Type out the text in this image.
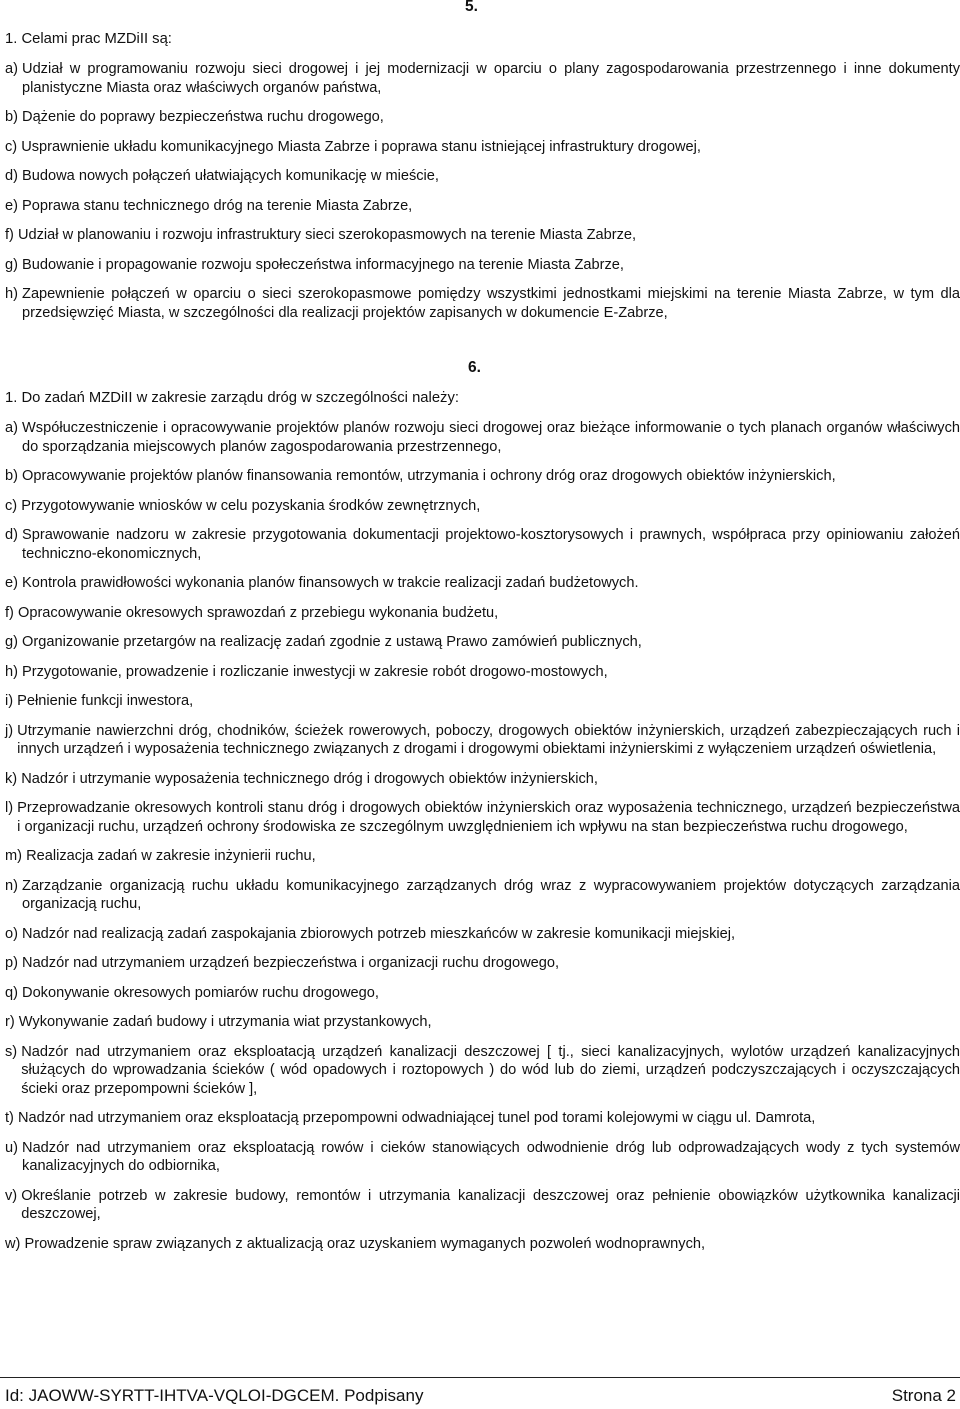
5.
1. Celami prac MZDiII są:
a) Udział w programowaniu rozwoju sieci drogowej i jej modernizacji w oparciu o plany zagospodarowania przestrzennego i inne dokumenty planistyczne Miasta oraz właściwych organów państwa,
b) Dążenie do poprawy bezpieczeństwa ruchu drogowego,
c) Usprawnienie układu komunikacyjnego Miasta Zabrze i poprawa stanu istniejącej infrastruktury drogowej,
d) Budowa nowych połączeń ułatwiających komunikację w mieście,
e) Poprawa stanu technicznego dróg na terenie Miasta Zabrze,
f) Udział w planowaniu i rozwoju infrastruktury sieci szerokopasmowych na terenie Miasta Zabrze,
g) Budowanie i propagowanie rozwoju społeczeństwa informacyjnego na terenie Miasta Zabrze,
h) Zapewnienie połączeń w oparciu o sieci szerokopasmowe pomiędzy wszystkimi jednostkami miejskimi na terenie Miasta Zabrze, w tym dla przedsięwzięć Miasta, w szczególności dla realizacji projektów zapisanych w dokumencie E-Zabrze,
6.
1. Do zadań MZDiII w zakresie zarządu dróg w szczególności należy:
a) Współuczestniczenie i opracowywanie projektów planów rozwoju sieci drogowej oraz bieżące informowanie o tych planach organów właściwych do sporządzania miejscowych planów zagospodarowania przestrzennego,
b) Opracowywanie projektów planów finansowania remontów, utrzymania i ochrony dróg oraz drogowych obiektów inżynierskich,
c) Przygotowywanie wniosków w celu pozyskania środków zewnętrznych,
d) Sprawowanie nadzoru w zakresie przygotowania dokumentacji projektowo-kosztorysowych i prawnych, współpraca przy opiniowaniu założeń techniczno-ekonomicznych,
e) Kontrola prawidłowości wykonania planów finansowych w trakcie realizacji zadań budżetowych.
f) Opracowywanie okresowych sprawozdań z przebiegu wykonania budżetu,
g) Organizowanie przetargów na realizację zadań zgodnie z ustawą Prawo zamówień publicznych,
h) Przygotowanie, prowadzenie i rozliczanie inwestycji w zakresie robót drogowo-mostowych,
i) Pełnienie funkcji inwestora,
j) Utrzymanie nawierzchni dróg, chodników, ścieżek rowerowych, poboczy, drogowych obiektów inżynierskich, urządzeń zabezpieczających ruch i innych urządzeń i wyposażenia technicznego związanych z drogami i drogowymi obiektami inżynierskimi z wyłączeniem urządzeń oświetlenia,
k) Nadzór i utrzymanie wyposażenia technicznego dróg i drogowych obiektów inżynierskich,
l) Przeprowadzanie okresowych kontroli stanu dróg i drogowych obiektów inżynierskich oraz wyposażenia technicznego, urządzeń bezpieczeństwa i organizacji ruchu, urządzeń ochrony środowiska ze szczególnym uwzględnieniem ich wpływu na stan bezpieczeństwa ruchu drogowego,
m) Realizacja zadań w zakresie inżynierii ruchu,
n) Zarządzanie organizacją ruchu układu komunikacyjnego zarządzanych dróg wraz z wypracowywaniem projektów dotyczących zarządzania organizacją ruchu,
o) Nadzór nad realizacją zadań zaspokajania zbiorowych potrzeb mieszkańców w zakresie komunikacji miejskiej,
p) Nadzór nad utrzymaniem urządzeń bezpieczeństwa i organizacji ruchu drogowego,
q) Dokonywanie okresowych pomiarów ruchu drogowego,
r) Wykonywanie zadań budowy i utrzymania wiat przystankowych,
s) Nadzór nad utrzymaniem oraz eksploatacją urządzeń kanalizacji deszczowej [ tj., sieci kanalizacyjnych, wylotów urządzeń kanalizacyjnych służących do wprowadzania ścieków ( wód opadowych i roztopowych ) do wód lub do ziemi, urządzeń podczyszczających i oczyszczających ścieki oraz przepompowni ścieków ],
t) Nadzór nad utrzymaniem oraz eksploatacją przepompowni odwadniającej tunel pod torami kolejowymi w ciągu ul. Damrota,
u) Nadzór nad utrzymaniem oraz eksploatacją rowów i cieków stanowiących odwodnienie dróg lub odprowadzających wody z tych systemów kanalizacyjnych do odbiornika,
v) Określanie potrzeb w zakresie budowy, remontów i utrzymania kanalizacji deszczowej oraz pełnienie obowiązków użytkownika kanalizacji deszczowej,
w) Prowadzenie spraw związanych z aktualizacją oraz uzyskaniem wymaganych pozwoleń wodnoprawnych,
Id: JAOWW-SYRTT-IHTVA-VQLOI-DGCEM. Podpisany	Strona 2
